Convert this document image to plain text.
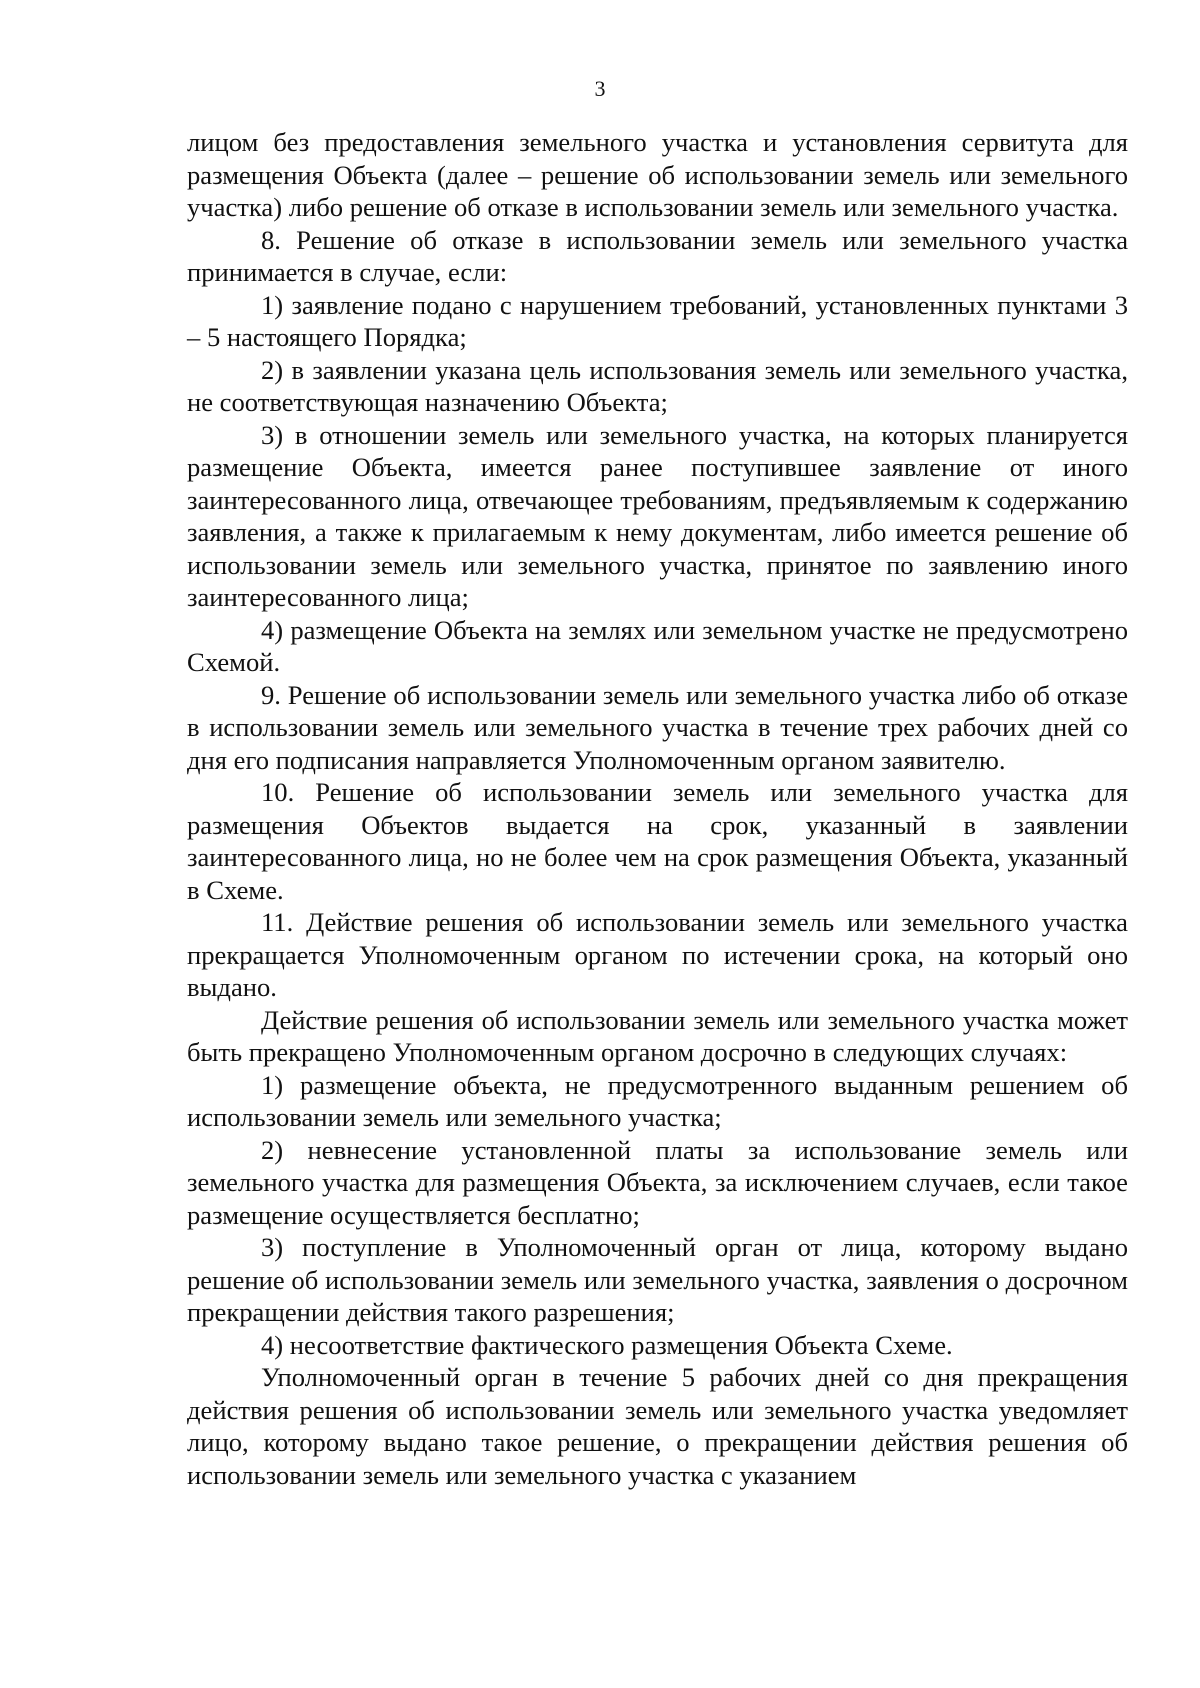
3

лицом без предоставления земельного участка и установления сервитута для размещения Объекта (далее – решение об использовании земель или земельного участка) либо решение об отказе в использовании земель или земельного участка.

8. Решение об отказе в использовании земель или земельного участка принимается в случае, если:

1) заявление подано с нарушением требований, установленных пунктами 3 – 5 настоящего Порядка;

2) в заявлении указана цель использования земель или земельного участка, не соответствующая назначению Объекта;

3) в отношении земель или земельного участка, на которых планируется размещение Объекта, имеется ранее поступившее заявление от иного заинтересованного лица, отвечающее требованиям, предъявляемым к содержанию заявления, а также к прилагаемым к нему документам, либо имеется решение об использовании земель или земельного участка, принятое по заявлению иного заинтересованного лица;

4) размещение Объекта на землях или земельном участке не предусмотрено Схемой.

9. Решение об использовании земель или земельного участка либо об отказе в использовании земель или земельного участка в течение трех рабочих дней со дня его подписания направляется Уполномоченным органом заявителю.

10. Решение об использовании земель или земельного участка для размещения Объектов выдается на срок, указанный в заявлении заинтересованного лица, но не более чем на срок размещения Объекта, указанный в Схеме.

11. Действие решения об использовании земель или земельного участка прекращается Уполномоченным органом по истечении срока, на который оно выдано.

Действие решения об использовании земель или земельного участка может быть прекращено Уполномоченным органом досрочно в следующих случаях:

1) размещение объекта, не предусмотренного выданным решением об использовании земель или земельного участка;

2) невнесение установленной платы за использование земель или земельного участка для размещения Объекта, за исключением случаев, если такое размещение осуществляется бесплатно;

3) поступление в Уполномоченный орган от лица, которому выдано решение об использовании земель или земельного участка, заявления о досрочном прекращении действия такого разрешения;

4) несоответствие фактического размещения Объекта Схеме.

Уполномоченный орган в течение 5 рабочих дней со дня прекращения действия решения об использовании земель или земельного участка уведомляет лицо, которому выдано такое решение, о прекращении действия решения об использовании земель или земельного участка с указанием
